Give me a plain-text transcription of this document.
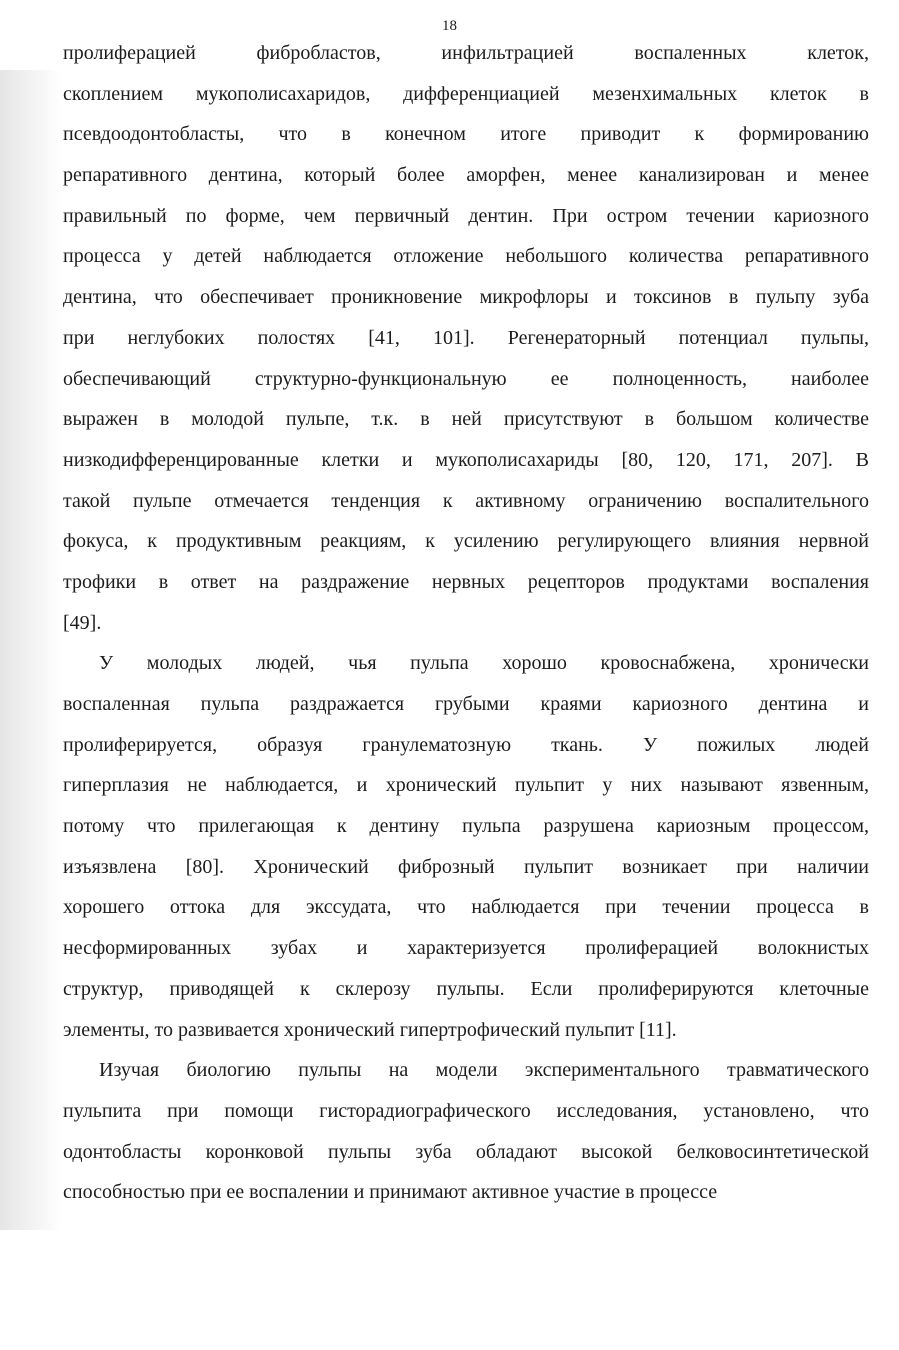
18
пролиферацией фибробластов, инфильтрацией воспаленных клеток,
скоплением мукополисахаридов, дифференциацией мезенхимальных клеток в
псевдоодонтобласты, что в конечном итоге приводит к формированию
репаративного дентина, который более аморфен, менее канализирован и менее
правильный по форме, чем первичный дентин. При остром течении кариозного
процесса у детей наблюдается отложение небольшого количества репаративного
дентина, что обеспечивает проникновение микрофлоры и токсинов в пульпу зуба
при неглубоких полостях [41, 101]. Регенераторный потенциал пульпы,
обеспечивающий структурно-функциональную ее полноценность, наиболее
выражен в молодой пульпе, т.к. в ней присутствуют в большом количестве
низкодифференцированные клетки и мукополисахариды [80, 120, 171, 207]. В
такой пульпе отмечается тенденция к активному ограничению воспалительного
фокуса, к продуктивным реакциям, к усилению регулирующего влияния нервной
трофики в ответ на раздражение нервных рецепторов продуктами воспаления
[49].
У молодых людей, чья пульпа хорошо кровоснабжена, хронически
воспаленная пульпа раздражается грубыми краями кариозного дентина и
пролиферируется, образуя гранулематозную ткань. У пожилых людей
гиперплазия не наблюдается, и хронический пульпит у них называют язвенным,
потому что прилегающая к дентину пульпа разрушена кариозным процессом,
изъязвлена [80]. Хронический фиброзный пульпит возникает при наличии
хорошего оттока для экссудата, что наблюдается при течении процесса в
несформированных зубах и характеризуется пролиферацией волокнистых
структур, приводящей к склерозу пульпы. Если пролиферируются клеточные
элементы, то развивается хронический гипертрофический пульпит [11].
Изучая биологию пульпы на модели экспериментального травматического
пульпита при помощи гисторадиографического исследования, установлено, что
одонтобласты коронковой пульпы зуба обладают высокой белковосинтетической
способностью при ее воспалении и принимают активное участие в процессе
